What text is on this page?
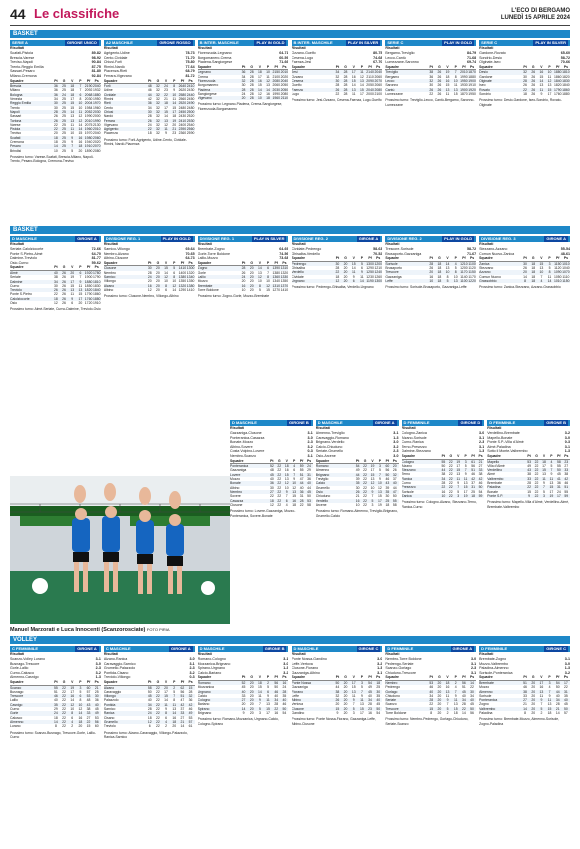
44 Le classifiche	L'ECO DI BERGAMO
LUNEDÌ 15 APRILE 2024
BASKET
SERIE A	GIRONE UNICO
Risultati
Scafati-Pistoia	89-82
Brescia-Varese	98-92
Treviso-Napoli	90-84
Trento-Reggio Emilia	87-75
Sassari-Pesaro	81-80
Milano-Cremona	92-84
Squadre	Pt	G	V	P	Pf	Ps
Brescia	36	25	18	7	2190 2040
Milano	36	25	18	7	2092 1932
Bologna	36	24	18	6	2068 1880
Venezia	34	25	17	8	2030 1950
Reggio Emilia	30	25	15	10 2004 1970
Trento	30	25	15	10 1984 1960
Napoli	28	25	14	11 2052 2030
Sassari	26	25	13	12 1990 2000
Tortona	26	25	13	12 2010 1990
Varese	22	25	11	14 2075 2130
Pistoia	22	25	11	14 1960 2010
Treviso	20	25	10	15 1970 2040
Scafati	18	25	9	16 1980 2060
Cremona	18	25	9	16 1940 2020
Pesaro	14	25	7	18 1910 2070
Brindisi	10	25	5	20 1890 2080
Prossimo turno: Varese-Scafati, Brescia-Milano, Napoli-Trento, Pesaro-Bologna, Cremona-Treviso
A2 MASCHILE	GIRONE ROSSO
Risultati
Agrigento-Udine	78-73
Cento-Cividale	71-70
Chiusi-Forlì	75-80
Rimini-Nardò	77-64
Piacenza-Rieti	68-79
Ferrara-Vigevano	81-72
Squadre	Pt	G	V	P	Pf	Ps
Forlì	48	32	24	8	2640 2410
Udine	46	32	23	9	2620 2430
Cividale	44	32	22	10 2580 2440
Rimini	42	32	21	11 2560 2450
Rieti	36	32	18	14 2520 2490
Cento	34	32	17	15 2480 2480
Chiusi	30	32	15	17 2450 2500
Nardò	28	32	14	18 2430 2520
Ferrara	26	32	13	19 2410 2530
Vigevano	24	32	12	20 2400 2540
Agrigento	22	32	11	21 2390 2560
Piacenza	18	32	9	23 2360 2590
Prossimo turno: Forlì-Agrigento, Udine-Cento, Cividale-Rimini, Nardò-Piacenza
B INTER. MASCHILE	PLAY IN GOLD
Risultati
Fiorenzuola-Legnano	64-71
Borgomanero-Crema	60-59
Piadena-Sangiorgese	71-66
Squadre	Pt	G	V	P	Pf	Ps
Legnano	36	28	18	10 2150 2010
Crema	34	28	17	11 2100 2020
Fiorenzuola	32	28	16	12 2080 2040
Borgomanero	30	28	15	13 2060 2050
Piadena	28	28	14	14 2030 2050
Sangiorgese	24	28	12	16 1990 2080
Vigevano	20	28	10	18 1960 2110
Prossimo turno: Legnano-Piadena, Crema-Sangiorgese, Fiorenzuola-Borgomanero
B INTER. MASCHILE	PLAY IN SILVER
Risultati
Ozzano-Guelfo	80-75
Cesena-Lugo	74-68
Faenza-Jesi	67-70
Squadre	Pt	G	V	P	Pf	Ps
Jesi	34	28	17	11 2140 2040
Ozzano	32	28	16	12 2110 2060
Cesena	30	28	15	13 2090 2070
Guelfo	28	28	14	14 2050 2060
Faenza	26	28	13	15 2040 2080
Lugo	22	28	11	17 2000 2100
Prossimo turno: Jesi-Ozzano, Cesena-Faenza, Lugo-Guelfo
SERIE C	PLAY IN GOLD
Risultati
Bergamo-Treviglio	84-79
Lecco-Cantù	71-68
Lumezzane-Saronno	69-74
Squadre	Pt	G	V	P	Pf	Ps
Treviglio	38	26	19	7	2010 1870
Bergamo	36	26	18	8	1990 1880
Lecco	32	26	16	10 1950 1900
Saronno	30	26	15	11 1930 1910
Cantù	26	26	13	13 1900 1920
Lumezzane	22	26	11	15 1870 1950
Prossimo turno: Treviglio-Lecco, Cantù-Bergamo, Saronno-Lumezzane
SERIE C	PLAY IN SILVER
Risultati
Gardone-Rovato	65-60
Sondrio-Desio	58-72
Olginate-Iseo	70-66
Squadre	Pt	G	V	P	Pf	Ps
Desio	32	26	16	10 1880 1810
Gardone	30	26	15	11 1860 1820
Olginate	28	26	14	12 1840 1830
Iseo	26	26	13	13 1820 1840
Rovato	22	26	11	15 1790 1860
Sondrio	18	26	9	17 1760 1880
Prossimo turno: Desio-Gardone, Iseo-Sondrio, Rovato-Olginate
BASKET
D MASCHILE	GIRONE A
Risultati
Seriate-Calolziocorte	72-66
Ponte S.Pietro-Almè	64-70
Dalmine-Treviolo	81-77
Osio-Curno	59-62
Squadre	Pt	G	V	P	Pf	Ps
Almè	40	26	20	6	1920 1780
Seriate	38	26	19	7	1900 1790
Dalmine	34	26	17	9	1880 1810
Curno	30	26	15	11 1850 1830
Treviolo	26	26	13	13 1820 1840
Ponte S.Pietro	22	26	11	15 1790 1860
Calolziocorte	18	26	9	17 1760 1880
Osio	12	26	6	20 1720 1910
Prossimo turno: Almè-Seriate, Curno-Dalmine, Treviolo-Osio
DIVISIONE REG. 1	PLAY IN GOLD
Risultati
Sarnico-Villongo	69-64
Nembro-Alzano	70-65
Albino-Clusone	64-73
Squadre	Pt	G	V	P	Pf	Ps
Clusone	30	20	15	5	1410 1300
Nembro	28	20	14	6	1400 1320
Sarnico	24	20	12	8	1380 1340
Villongo	20	20	10	10 1350 1350
Alzano	16	20	8	12 1320 1380
Albino	12	20	6	14 1290 1410
Prossimo turno: Clusone-Nembro, Villongo-Albino
DIVISIONE REG. 1	PLAY IN SILVER
Risultati
Brembate-Zogno	64-69
Gorle-Torre Boldone	74-56
Lallio-Mozzo	73-68
Squadre	Pt	G	V	P	Pf	Ps
Zogno	28	20	14	6	1390 1310
Gorle	26	20	13	7	1380 1320
Lallio	24	20	12	8	1360 1330
Mozzo	20	20	10	10 1340 1350
Brembate	16	20	8	12 1310 1370
Torre Boldone	10	20	5	15 1270 1410
Prossimo turno: Zogno-Gorle, Mozzo-Brembate
DIVISIONE REG. 2	GIRONE A
Risultati
Cividate-Pedrengo	58-63
Ghisalba-Verdello	70-52
Squadre	Pt	G	V	P	Pf	Ps
Pedrengo	30	20	15	5	1300 1200
Ghisalba	28	20	14	6	1290 1210
Verdello	22	20	11	9	1250 1240
Cividate	18	20	9	11 1230 1260
Urgnano	12	20	6	14 1190 1300
Prossimo turno: Pedrengo-Ghisalba, Verdello-Urgnano
DIVISIONE REG. 2	PLAY IN GOLD
Risultati
Trescore-Sorisole	58-72
Brusaporto-Gazzaniga	71-67
Squadre	Pt	G	V	P	Pf	Ps
Sorisole	28	18	14	4	1210 1100
Brusaporto	26	18	13	5	1200 1120
Trescore	20	18	10	8	1170 1150
Gazzaniga	16	18	8	10 1140 1170
Leffe	10	18	5	13 1100 1220
Prossimo turno: Sorisole-Brusaporto, Gazzaniga-Leffe
DIVISIONE REG. 3	GIRONE A
Risultati
Stezzano-Azzano	55-54
Comun Nuovo-Zanica	48-61
Squadre	Pt	G	V	P	Pf	Ps
Zanica	30	18	15	3	1150 1010
Stezzano	26	18	13	5	1120 1040
Azzano	20	18	10	8	1090 1070
Comun Nuovo	14	18	7	11 1050 1110
Grassobbio	8	18	4	14 1010 1150
Prossimo turno: Zanica-Stezzano, Azzano-Grassobbio
D MASCHILE	GIRONE B
Risultati
Gazzaniga-Clusone	3-1
Ponteranica-Casazza	3-0
Bonate-Mozzo	2-3
Albino-Sovere	3-2
Costa Volpino-Lovere	0-3
Nembro-Scanzo	3-1
Squadre	Pt	G	V	P	Pf	Ps
Ponteranica	52	22	18	4	59	24
Gazzaniga	48	22	16	6	55	29
Lovere	45	22	15	7	51	31
Mozzo	40	22	13	9	47	36
Bonate	36	22	12	10	44	40
Albino	30	22	10	12	40	44
Nembro	27	22	9	13	36	45
Sovere	22	22	7	15	31	50
Casazza	18	22	6	16	28	53
Clusone	12	22	4	18	22	58
Prossimo turno: Lovere-Gazzaniga, Mozzo-Ponteranica, Sovere-Bonate
D MASCHILE	GIRONE A
Risultati
Almenno-Treviglio	3-1
Caravaggio-Romano	1-3
Brignano-Verdello	3-0
Calcio-Chiuduno	3-2
Seriate-Grumello	2-3
Osio-Arcene	3-0
Squadre	Pt	G	V	P	Pf	Ps
Romano	54	22	19	3	60	20
Almenno	49	22	17	5	56	26
Brignano	44	22	15	7	50	32
Treviglio	39	22	13	9	46	37
Calcio	35	22	12	10	43	40
Grumello	30	22	10	12	39	44
Osio	26	22	9	13	35	47
Chiuduno	21	22	7	15	30	50
Verdello	16	22	5	17	25	55
Arcene	10	22	3	19	18	58
Prossimo turno: Romano-Almenno, Treviglio-Brignano, Grumello-Calcio
D FEMMINILE	GIRONE D
Risultati
Cologno-Zanica	3-0
Alzano-Sorisole	3-1
Curno-Ranica	2-3
Terno-Presezzo	3-1
Dalmine-Stezzano	1-3
Squadre	Pt	G	V	P	Pf	Ps
Cologno	55	22	19	3	61	21
Alzano	50	22	17	5	56	27
Stezzano	44	22	15	7	51	33
Terno	38	22	13	9	46	38
Ranica	34	22	11	11	42	42
Curno	28	22	9	13	37	46
Presezzo	22	22	7	15	31	50
Sorisole	16	22	5	17	25	54
Zanica	10	22	3	19	18	59
Prossimo turno: Cologno-Alzano, Stezzano-Terno, Ranica-Curno
D FEMMINILE	GIRONE B
Risultati
Verdellino-Brembate	3-2
Mapello-Bonate	3-0
Ponte S.P.-Villa d'Almè	0-3
Almè-Paladina	3-1
Sotto il Monte-Valbrembo	1-3
Squadre	Pt	G	V	P	Pf	Ps
Mapello	53	22	18	4	58	23
Villa d'Almè	49	22	17	5	55	27
Verdellino	43	22	15	7	50	33
Almè	38	22	13	9	45	38
Valbrembo	33	22	11	11	41	42
Brembate	28	22	9	13	36	46
Paladina	22	22	7	15	31	51
Bonate	15	22	5	17	24	55
Ponte S.P.	9	22	3	19	17	59
Prossimo turno: Mapello-Villa d'Almè, Verdellino-Almè, Brembate-Valbrembo
Manuel Marzorati e Luca Innocenti (Scanzorosciate) FOTO PIRIA
VOLLEY
C FEMMINILE	GIRONE A
Risultati
Scanzo-Volley Lurano	3-1
Busnago-Trescore	3-0
Gorle-Lallio	2-3
Curno-Calusco	3-2
Almenno-Casnigo	1-3
Squadre	Pt	G	V	P	Pf	Ps
Scanzo	55	22	19	3	60	21
Busnago	51	22	17	5	57	25
Trescore	46	22	16	6	53	30
Lallio	40	22	14	8	48	36
Casnigo	35	22	12	10	43	40
Curno	29	22	10	12	38	45
Gorle	24	22	8	14	33	49
Calusco	18	22	6	16	27	53
Almenno	14	22	4	18	22	56
Lurano	8	22	2	20	15	60
Prossimo turno: Scanzo-Busnago, Trescore-Gorle, Lallio-Curno
C MASCHILE	GIRONE A
Risultati
Alzano-Ranica	3-0
Caravaggio-Sarnico	3-1
Grumello-Palazzolo	2-3
Pontida-Cisano	3-2
Treviolo-Villongo	0-3
Squadre	Pt	G	V	P	Pf	Ps
Alzano	58	22	20	2	62	15
Caravaggio	50	22	17	5	56	28
Villongo	45	22	15	7	51	32
Palazzolo	40	22	14	8	47	36
Pontida	34	22	11	11	42	42
Sarnico	28	22	9	13	37	46
Ranica	24	22	8	14	33	49
Cisano	18	22	6	16	27	53
Grumello	12	22	4	18	21	57
Treviolo	6	22	2	20	14	61
Prossimo turno: Alzano-Caravaggio, Villongo-Palazzolo, Ranica-Sarnico
D MASCHILE	GIRONE B
Risultati
Romano-Cologno	3-1
Mozzanica-Brignano	3-0
Spirano-Urgnano	1-3
Calcio-Bariano	3-2
Squadre	Pt	G	V	P	Pf	Ps
Romano	52	20	18	2	56	16
Mozzanica	45	20	15	5	50	24
Urgnano	40	20	14	6	46	28
Calcio	33	20	11	9	40	35
Cologno	27	20	9	11	34	40
Bariano	20	20	7	13	28	46
Spirano	14	20	5	15	22	50
Brignano	9	20	3	17	16	54
Prossimo turno: Romano-Mozzanica, Urgnano-Calcio, Cologno-Spirano
D MASCHILE	GIRONE C
Risultati
Ponte Nossa-Gandino	3-0
Leffe-Vertova	3-2
Clusone-Fiorano	1-3
Gazzaniga-Albino	3-1
Squadre	Pt	G	V	P	Pf	Ps
Ponte Nossa	50	20	17	3	54	18
Gazzaniga	44	20	15	5	49	25
Fiorano	38	20	13	7	45	30
Leffe	32	20	11	9	40	35
Albino	26	20	9	11	34	40
Vertova	20	20	7	13	28	45
Clusone	15	20	5	15	23	50
Gandino	9	20	3	17	16	54
Prossimo turno: Ponte Nossa-Fiorano, Gazzaniga-Leffe, Albino-Clusone
D FEMMINILE	GIRONE A
Risultati
Nembro-Torre Boldone	3-0
Pedrengo-Seriate	3-1
Scanzo-Gorlago	2-3
Chiuduno-Trescore	3-1
Squadre	Pt	G	V	P	Pf	Ps
Nembro	53	20	18	2	56	14
Pedrengo	46	20	16	4	51	22
Gorlago	40	20	13	7	45	30
Chiuduno	34	20	11	9	40	34
Seriate	28	20	9	11	34	40
Scanzo	22	20	7	13	28	45
Trescore	15	20	5	15	22	50
Torre Boldone	8	20	2	18	14	56
Prossimo turno: Nembro-Pedrengo, Gorlago-Chiuduno, Seriate-Scanzo
D FEMMINILE	GIRONE C
Risultati
Brembate-Zogno	3-1
Mozzo-Valbrembo	3-0
Paladina-Almenno	1-3
Sorisole-Ponteranica	3-2
Squadre	Pt	G	V	P	Pf	Ps
Brembate	51	20	17	3	54	17
Mozzo	46	20	16	4	50	22
Almenno	38	20	13	7	44	31
Sorisole	33	20	11	9	40	35
Ponteranica	27	20	9	11	34	40
Zogno	21	20	7	13	28	45
Valbrembo	14	20	5	15	21	50
Paladina	8	20	2	18	14	57
Prossimo turno: Brembate-Mozzo, Almenno-Sorisole, Zogno-Paladina
